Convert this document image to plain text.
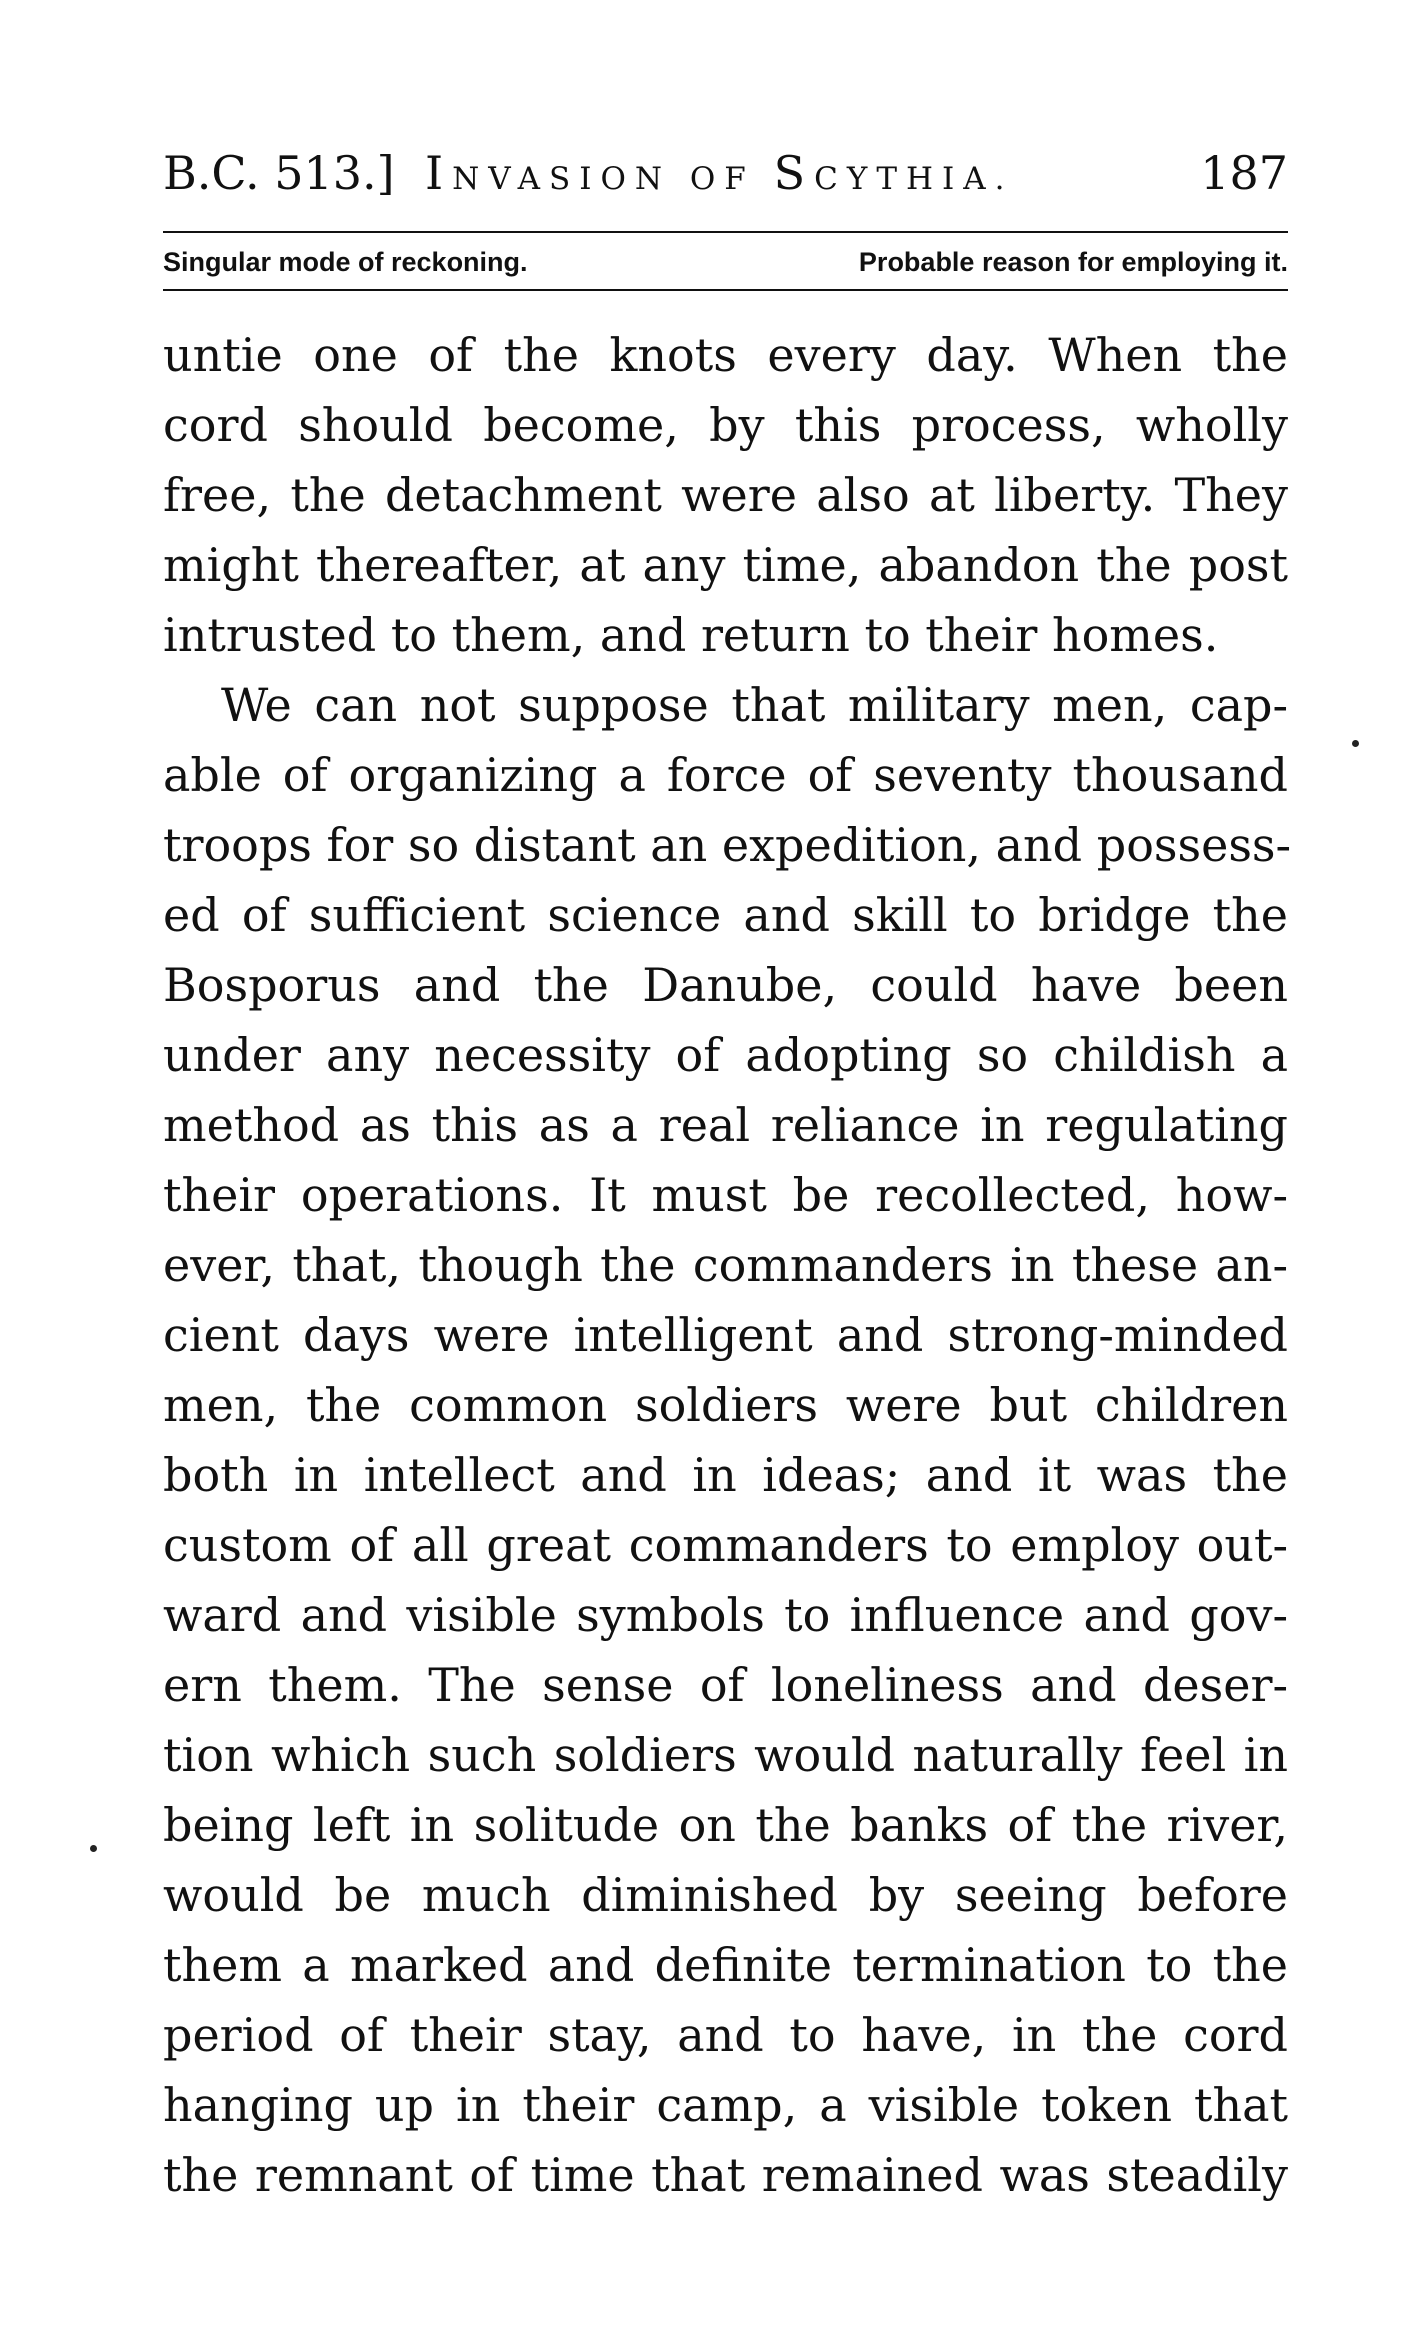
B.C. 513.] INVASION OF SCYTHIA.	187
Singular mode of reckoning.	Probable reason for employing it.
untie one of the knots every day. When the
cord should become, by this process, wholly
free, the detachment were also at liberty. They
might thereafter, at any time, abandon the post
intrusted to them, and return to their homes.
We can not suppose that military men, cap-
able of organizing a force of seventy thousand
troops for so distant an expedition, and possess-
ed of sufficient science and skill to bridge the
Bosporus and the Danube, could have been
under any necessity of adopting so childish a
method as this as a real reliance in regulating
their operations. It must be recollected, how-
ever, that, though the commanders in these an-
cient days were intelligent and strong-minded
men, the common soldiers were but children
both in intellect and in ideas; and it was the
custom of all great commanders to employ out-
ward and visible symbols to influence and gov-
ern them. The sense of loneliness and deser-
tion which such soldiers would naturally feel in
being left in solitude on the banks of the river,
would be much diminished by seeing before
them a marked and definite termination to the
period of their stay, and to have, in the cord
hanging up in their camp, a visible token that
the remnant of time that remained was steadily
